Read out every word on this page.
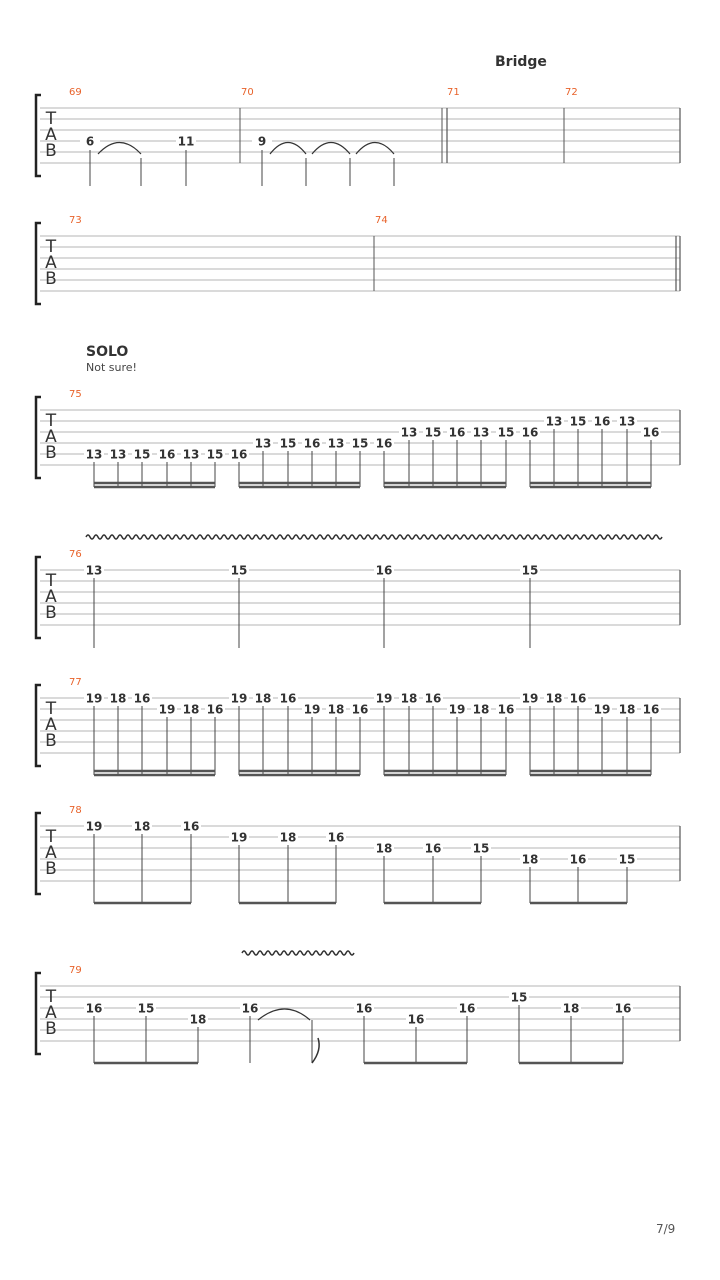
Bridge
SOLO
Not sure!
7/9
T
A
B
69	70	71	72
T
A
B
73	74
T
A
B
75
T
A
B
76
T
A
B
77
T
A
B
78
T
A
B
79
6	11	9
13 13 15 16 13 15 16
13 15 16 13 15 16
13 15 16 13 15 16
13 15 16 13
16
13	15	16	15
19 18 16
19 18 16
19 18 16
19 18 16
19 18 16
19 18 16
19 18 16
19 18 16
19	18	16
19	18	16
18	16	15
18	16	15
16	15
18
16	16
16
16
15
18	16
